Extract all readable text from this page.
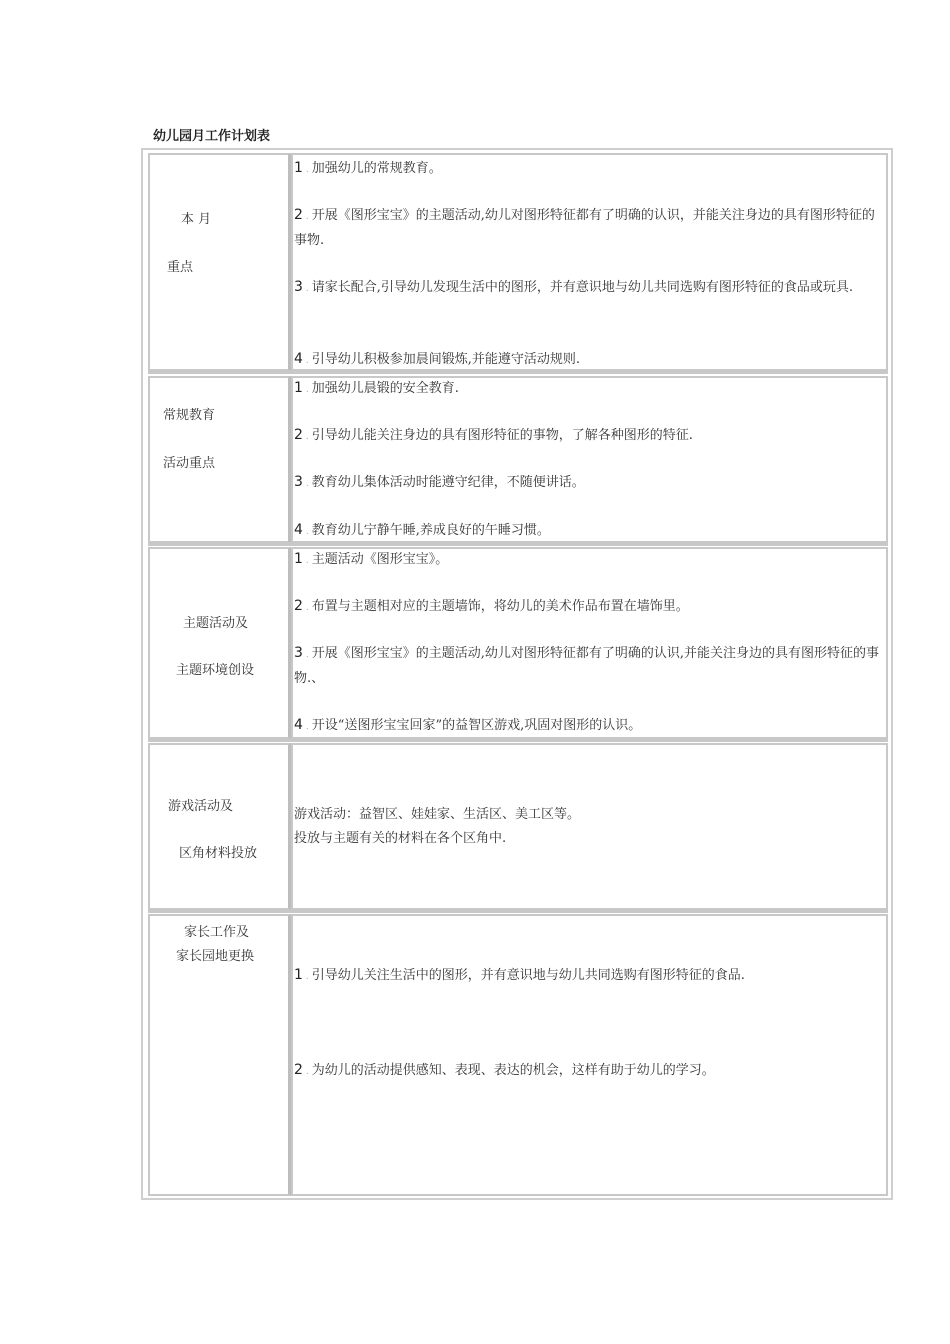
幼儿园月工作计划表
本 月
重点
1 . 加强幼儿的常规教育。
2 . 开展《图形宝宝》的主题活动,幼儿对图形特征都有了明确的认识，并能关注身边的具有图形特征的事物.
3 . 请家长配合,引导幼儿发现生活中的图形，并有意识地与幼儿共同选购有图形特征的食品或玩具.
4 . 引导幼儿积极参加晨间锻炼,并能遵守活动规则.
常规教育
活动重点
1 . 加强幼儿晨锻的安全教育.
2 . 引导幼儿能关注身边的具有图形特征的事物，了解各种图形的特征.
3 . 教育幼儿集体活动时能遵守纪律，不随便讲话。
4 . 教育幼儿宁静午睡,养成良好的午睡习惯。
主题活动及
主题环境创设
1 . 主题活动《图形宝宝》。
2 . 布置与主题相对应的主题墙饰，将幼儿的美术作品布置在墙饰里。
3 . 开展《图形宝宝》的主题活动,幼儿对图形特征都有了明确的认识,并能关注身边的具有图形特征的事物.、
4 . 开设“送图形宝宝回家”的益智区游戏,巩固对图形的认识。
游戏活动及
区角材料投放
游戏活动：益智区、娃娃家、生活区、美工区等。
投放与主题有关的材料在各个区角中.
家长工作及
家长园地更换
1 . 引导幼儿关注生活中的图形，并有意识地与幼儿共同选购有图形特征的食品.
2 . 为幼儿的活动提供感知、表现、表达的机会，这样有助于幼儿的学习。
